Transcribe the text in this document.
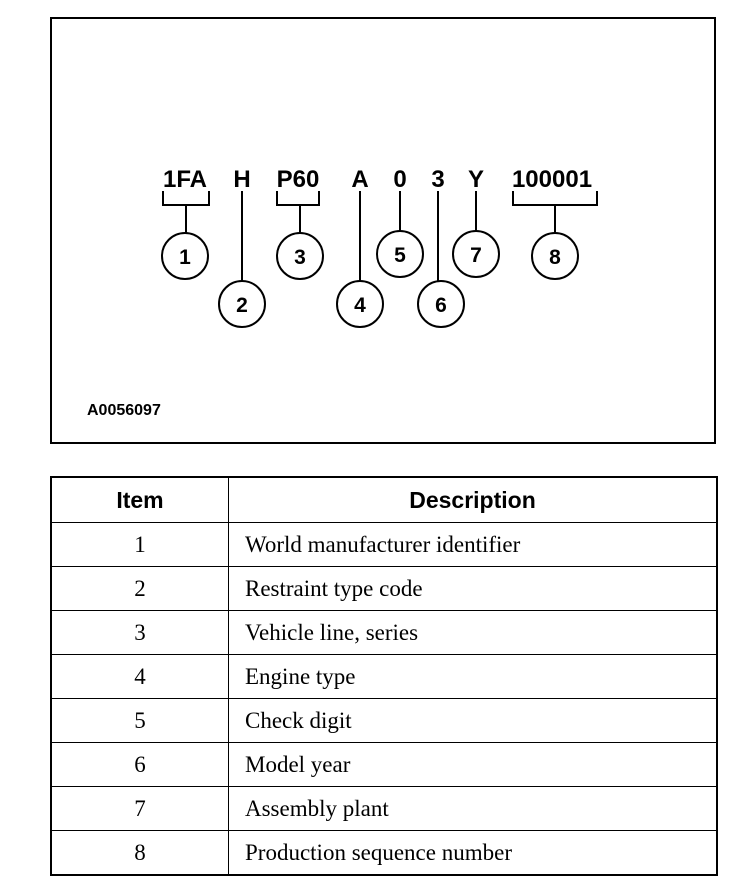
1FA H P60 A 0 3 Y 100001
1
2
3
4
5
6
7	8
A0056097
Item	Description
1	World manufacturer identifier
2	Restraint type code
3	Vehicle line, series
4	Engine type
5	Check digit
6	Model year
7	Assembly plant
8	Production sequence number
